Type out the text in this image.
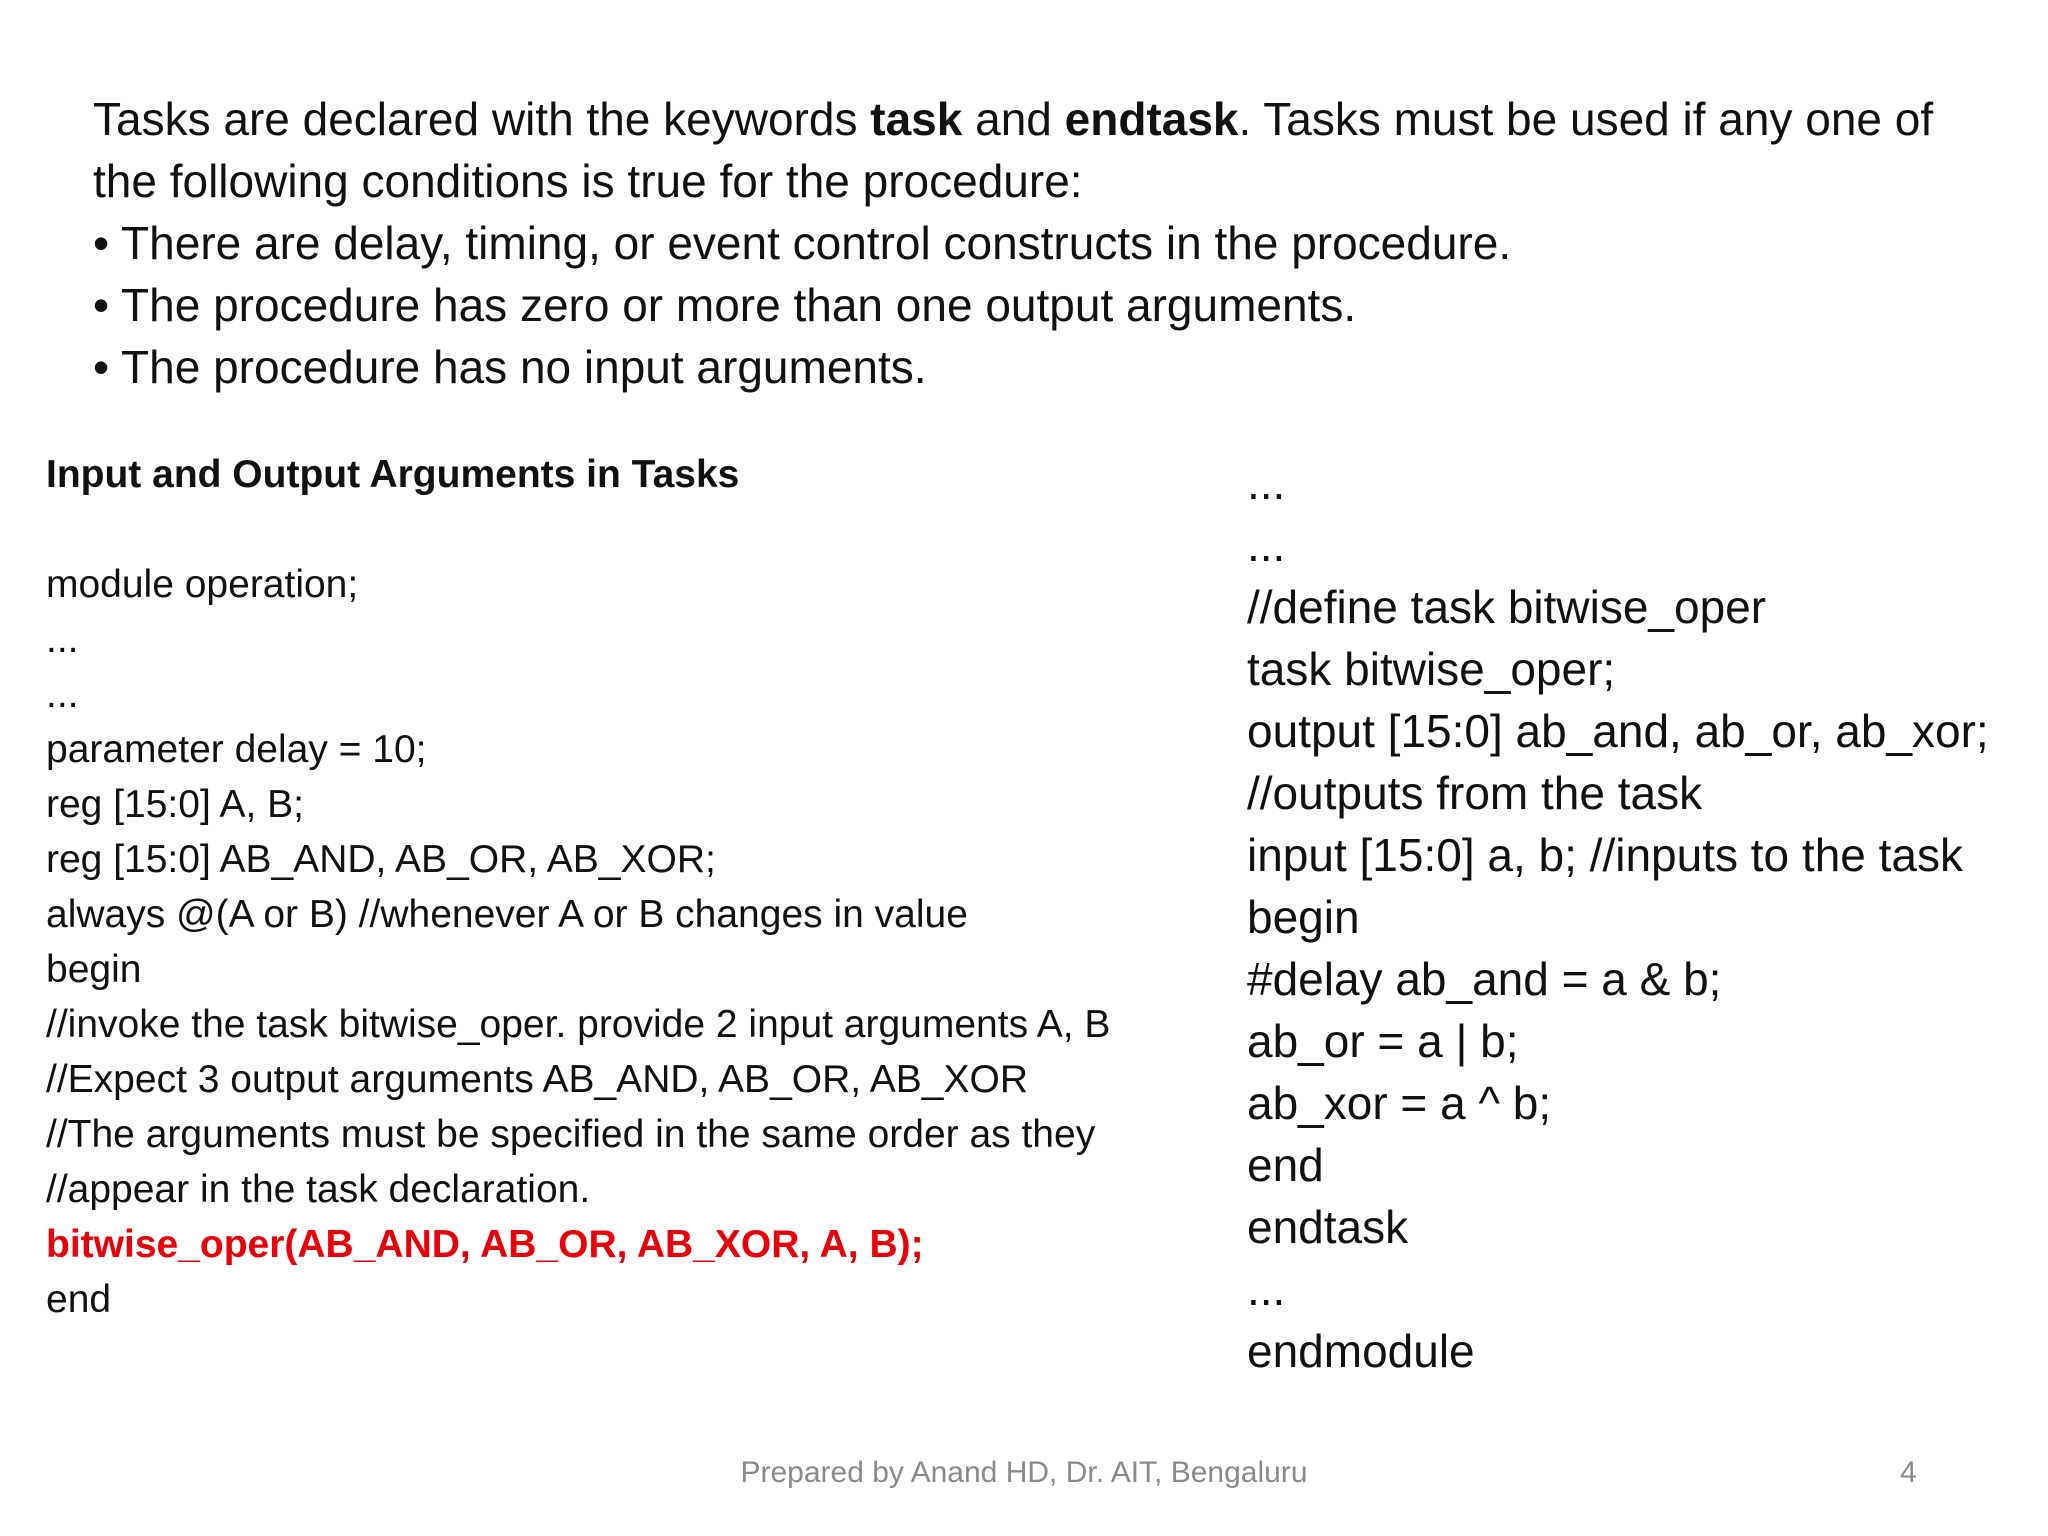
Tasks are declared with the keywords task and endtask. Tasks must be used if any one of

the following conditions is true for the procedure:

• There are delay, timing, or event control constructs in the procedure.

• The procedure has zero or more than one output arguments.

• The procedure has no input arguments.

Input and Output Arguments in Tasks

module operation;
...
...
parameter delay = 10;
reg [15:0] A, B;
reg [15:0] AB_AND, AB_OR, AB_XOR;
always @(A or B) //whenever A or B changes in value
begin
//invoke the task bitwise_oper. provide 2 input arguments A, B
//Expect 3 output arguments AB_AND, AB_OR, AB_XOR
//The arguments must be specified in the same order as they
//appear in the task declaration.
bitwise_oper(AB_AND, AB_OR, AB_XOR, A, B);
end
...
...
//define task bitwise_oper
task bitwise_oper;
output [15:0] ab_and, ab_or, ab_xor;
//outputs from the task
input [15:0] a, b; //inputs to the task
begin
#delay ab_and = a & b;
ab_or = a | b;
ab_xor = a ^ b;
end
endtask
...
endmodule
Prepared by Anand HD, Dr. AIT, Bengaluru	4
